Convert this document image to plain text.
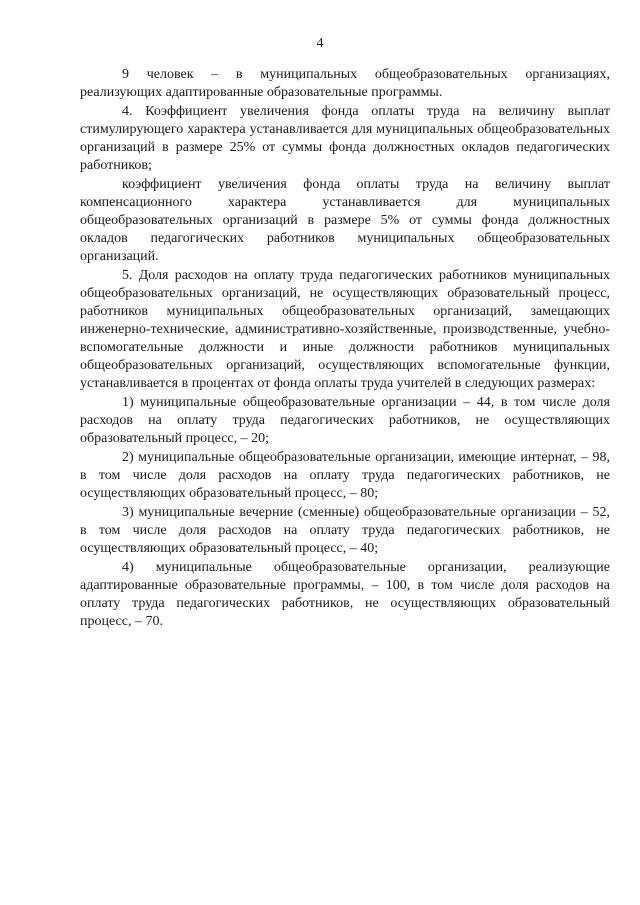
4

9 человек – в муниципальных общеобразовательных организациях, реализующих адаптированные образовательные программы.

4. Коэффициент увеличения фонда оплаты труда на величину выплат стимулирующего характера устанавливается для муниципальных общеобразовательных организаций в размере 25% от суммы фонда должностных окладов педагогических работников;

коэффициент увеличения фонда оплаты труда на величину выплат компенсационного характера устанавливается для муниципальных общеобразовательных организаций в размере 5% от суммы фонда должностных окладов педагогических работников муниципальных общеобразовательных организаций.

5. Доля расходов на оплату труда педагогических работников муниципальных общеобразовательных организаций, не осуществляющих образовательный процесс, работников муниципальных общеобразовательных организаций, замещающих инженерно-технические, административно-хозяйственные, производственные, учебно-вспомогательные должности и иные должности работников муниципальных общеобразовательных организаций, осуществляющих вспомогательные функции, устанавливается в процентах от фонда оплаты труда учителей в следующих размерах:

1) муниципальные общеобразовательные организации – 44, в том числе доля расходов на оплату труда педагогических работников, не осуществляющих образовательный процесс, – 20;

2) муниципальные общеобразовательные организации, имеющие интернат, – 98, в том числе доля расходов на оплату труда педагогических работников, не осуществляющих образовательный процесс, – 80;

3) муниципальные вечерние (сменные) общеобразовательные организации – 52, в том числе доля расходов на оплату труда педагогических работников, не осуществляющих образовательный процесс, – 40;

4) муниципальные общеобразовательные организации, реализующие адаптированные образовательные программы, – 100, в том числе доля расходов на оплату труда педагогических работников, не осуществляющих образовательный процесс, – 70.
